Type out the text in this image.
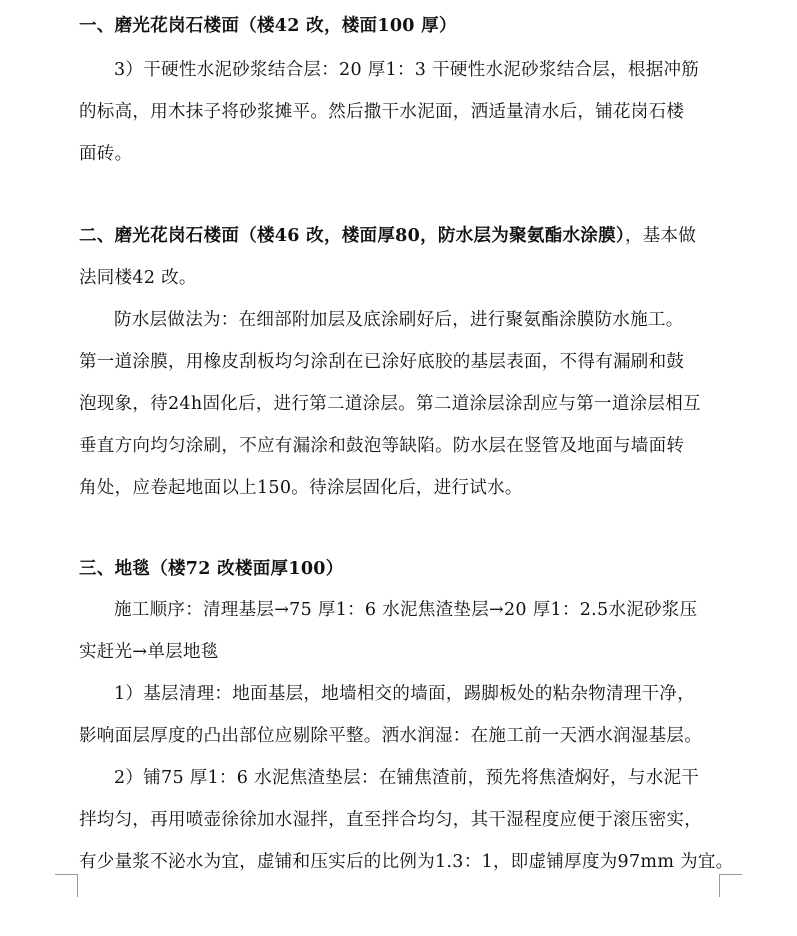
一、磨光花岗石楼面（楼42 改，楼面100 厚）
3）干硬性水泥砂浆结合层：20 厚1：3 干硬性水泥砂浆结合层，根据冲筋
的标高，用木抹子将砂浆摊平。然后撒干水泥面，洒适量清水后，铺花岗石楼
面砖。
二、磨光花岗石楼面（楼46 改，楼面厚80，防水层为聚氨酯水涂膜），基本做
法同楼42 改。
防水层做法为：在细部附加层及底涂刷好后，进行聚氨酯涂膜防水施工。
第一道涂膜，用橡皮刮板均匀涂刮在已涂好底胶的基层表面，不得有漏刷和鼓
泡现象，待24h固化后，进行第二道涂层。第二道涂层涂刮应与第一道涂层相互
垂直方向均匀涂刷，不应有漏涂和鼓泡等缺陷。防水层在竖管及地面与墙面转
角处，应卷起地面以上150。待涂层固化后，进行试水。
三、地毯（楼72 改楼面厚100）
施工顺序：清理基层→75 厚1：6 水泥焦渣垫层→20 厚1：2.5水泥砂浆压
实赶光→单层地毯
1）基层清理：地面基层，地墙相交的墙面，踢脚板处的粘杂物清理干净，
影响面层厚度的凸出部位应剔除平整。洒水润湿：在施工前一天洒水润湿基层。
2）铺75 厚1：6 水泥焦渣垫层：在铺焦渣前，预先将焦渣焖好，与水泥干
拌均匀，再用喷壶徐徐加水湿拌，直至拌合均匀，其干湿程度应便于滚压密实，
有少量浆不泌水为宜，虚铺和压实后的比例为1.3：1，即虚铺厚度为97mm 为宜。
